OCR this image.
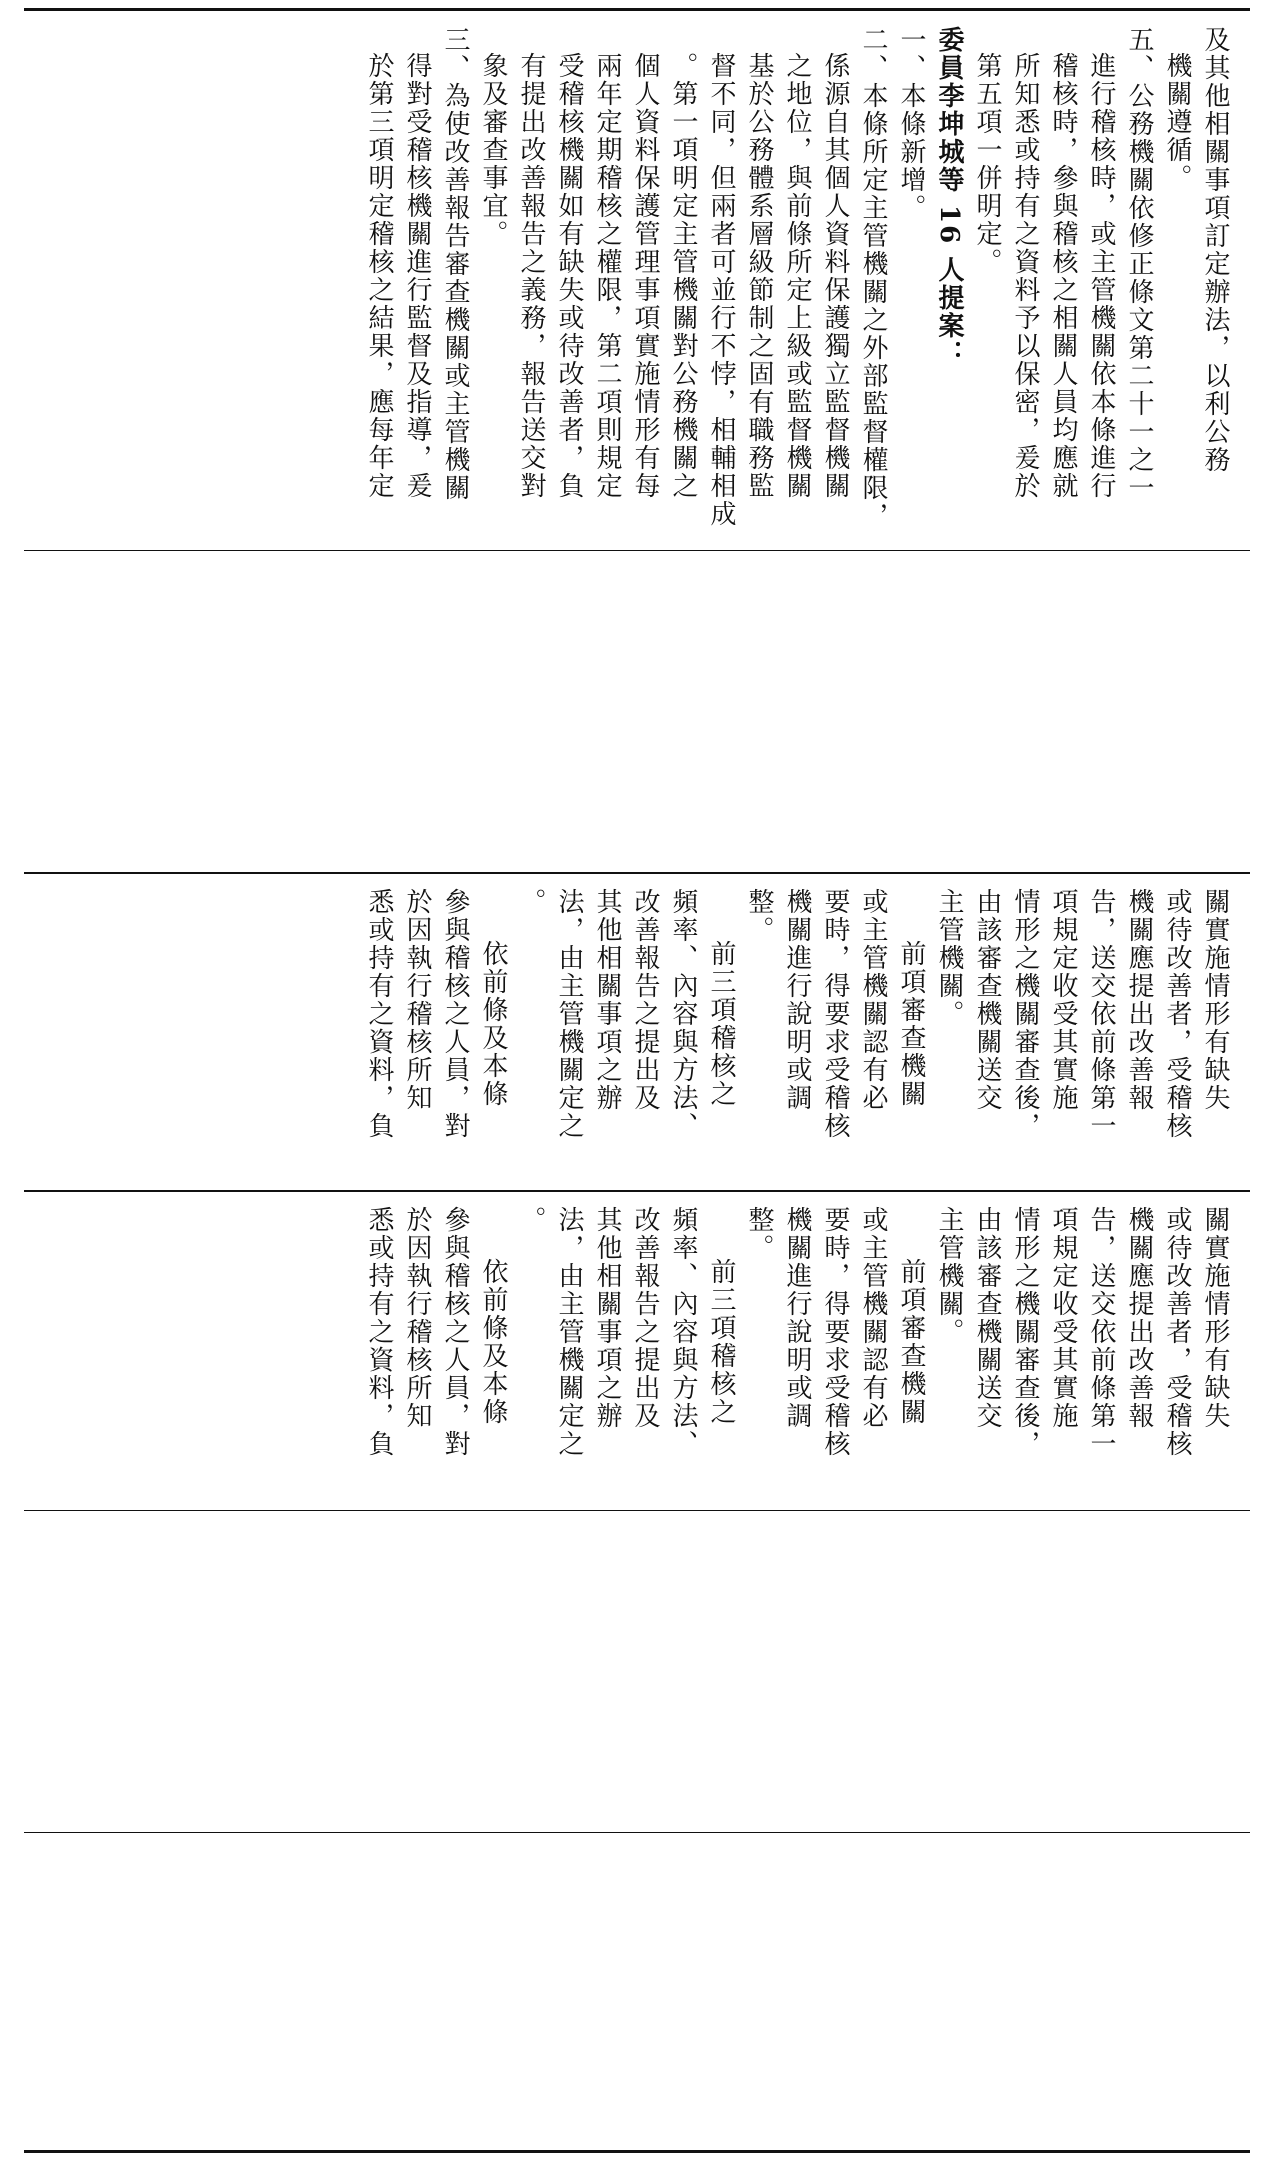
及其他相關事項訂定辦法，以利公務
機關遵循。
五、公務機關依修正條文第二十一之一
進行稽核時，或主管機關依本條進行
稽核時，參與稽核之相關人員均應就
所知悉或持有之資料予以保密，爰於
第五項一併明定。
委員李坤城等 16 人提案：
一、本條新增。
二、本條所定主管機關之外部監督權限，
係源自其個人資料保護獨立監督機關
之地位，與前條所定上級或監督機關
基於公務體系層級節制之固有職務監
督不同，但兩者可並行不悖，相輔相成
。第一項明定主管機關對公務機關之
個人資料保護管理事項實施情形有每
兩年定期稽核之權限，第二項則規定
受稽核機關如有缺失或待改善者，負
有提出改善報告之義務，報告送交對
象及審查事宜。
三、為使改善報告審查機關或主管機關
得對受稽核機關進行監督及指導，爰
於第三項明定稽核之結果，應每年定
關實施情形有缺失
或待改善者，受稽核
機關應提出改善報
告，送交依前條第一
項規定收受其實施
情形之機關審查後，
由該審查機關送交
主管機關。
前項審查機關
或主管機關認有必
要時，得要求受稽核
機關進行說明或調
整。
前三項稽核之
頻率、內容與方法、
改善報告之提出及
其他相關事項之辦
法，由主管機關定之
。
依前條及本條
參與稽核之人員，對
於因執行稽核所知
悉或持有之資料，負
關實施情形有缺失
或待改善者，受稽核
機關應提出改善報
告，送交依前條第一
項規定收受其實施
情形之機關審查後，
由該審查機關送交
主管機關。
前項審查機關
或主管機關認有必
要時，得要求受稽核
機關進行說明或調
整。
前三項稽核之
頻率、內容與方法、
改善報告之提出及
其他相關事項之辦
法，由主管機關定之
。
依前條及本條
參與稽核之人員，對
於因執行稽核所知
悉或持有之資料，負
